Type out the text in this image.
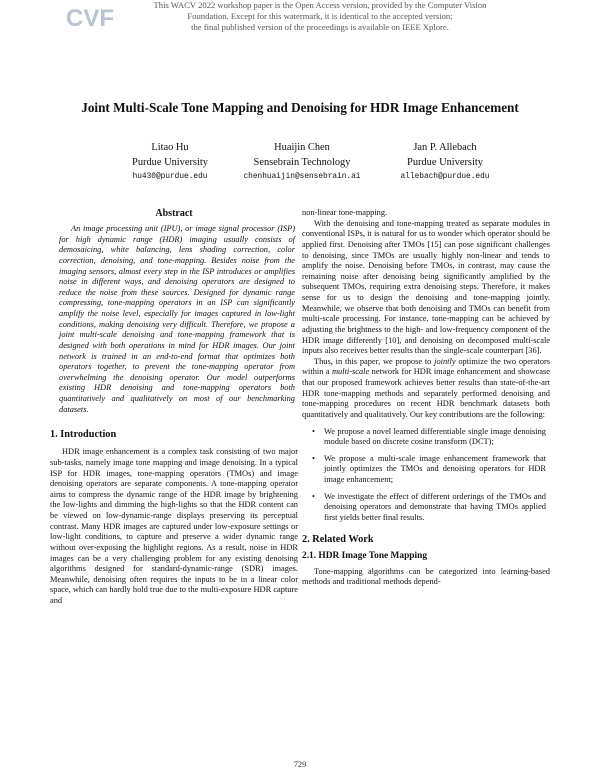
CVF	This WACV 2022 workshop paper is the Open Access version, provided by the Computer Vision
Foundation. Except for this watermark, it is identical to the accepted version;
the final published version of the proceedings is available on IEEE Xplore.
Joint Multi-Scale Tone Mapping and Denoising for HDR Image Enhancement
Litao Hu
Purdue University
hu430@purdue.edu
Huaijin Chen
Sensebrain Technology
chenhuaijin@sensebrain.ai
Jan P. Allebach
Purdue University
allebach@purdue.edu

Abstract

An image processing unit (IPU), or image signal processor (ISP) for high dynamic range (HDR) imaging usually consists of demosaicing, white balancing, lens shading correction, color correction, denoising, and tone-mapping. Besides noise from the imaging sensors, almost every step in the ISP introduces or amplifies noise in different ways, and denoising operators are designed to reduce the noise from these sources. Designed for dynamic range compressing, tone-mapping operators in an ISP can significantly amplify the noise level, especially for images captured in low-light conditions, making denoising very difficult. Therefore, we propose a joint multi-scale denoising and tone-mapping framework that is designed with both operations in mind for HDR images. Our joint network is trained in an end-to-end format that optimizes both operators together, to prevent the tone-mapping operator from overwhelming the denoising operator. Our model outperforms existing HDR denoising and tone-mapping operators both quantitatively and qualitatively on most of our benchmarking datasets.

1. Introduction

HDR image enhancement is a complex task consisting of two major sub-tasks, namely image tone mapping and image denoising. In a typical ISP for HDR images, tone-mapping operators (TMOs) and image denoising operators are separate components. A tone-mapping operator aims to compress the dynamic range of the HDR image by brightening the low-lights and dimming the high-lights so that the HDR content can be viewed on low-dynamic-range displays preserving its perceptual contrast. Many HDR images are captured under low-exposure settings or low-light conditions, to capture and preserve a wider dynamic range without over-exposing the highlight regions. As a result, noise in HDR images can be a very challenging problem for any existing denoising algorithms designed for standard-dynamic-range (SDR) images. Meanwhile, denoising often requires the inputs to be in a linear color space, which can hardly hold true due to the multi-exposure HDR capture and

non-linear tone-mapping.

With the denoising and tone-mapping treated as separate modules in conventional ISPs, it is natural for us to wonder which operator should be applied first. Denoising after TMOs [15] can pose significant challenges to denoising, since TMOs are usually highly non-linear and tends to amplify the noise. Denoising before TMOs, in contrast, may cause the remaining noise after denoising being significantly amplified by the subsequent TMOs, requiring extra denoising steps. Therefore, it makes sense for us to design the denoising and tone-mapping jointly. Meanwhile, we observe that both denoising and TMOs can benefit from multi-scale processing. For instance, tone-mapping can be achieved by adjusting the brightness to the high- and low-frequency component of the HDR image differently [10], and denoising on decomposed multi-scale inputs also receives better results than the single-scale counterpart [36].

Thus, in this paper, we propose to jointly optimize the two operators within a multi-scale network for HDR image enhancement and showcase that our proposed framework achieves better results than state-of-the-art HDR tone-mapping methods and separately performed denoising and tone-mapping procedures on recent HDR benchmark datasets both quantitatively and qualitatively. Our key contributions are the following:

• We propose a novel learned differentiable single image denoising module based on discrete cosine transform (DCT);
• We propose a multi-scale image enhancement framework that jointly optimizes the TMOs and denoising operators for HDR image enhancement;
• We investigate the effect of different orderings of the TMOs and denoising operators and demonstrate that having TMOs applied first yields better final results.

2. Related Work

2.1. HDR Image Tone Mapping

Tone-mapping algorithms can be categorized into learning-based methods and traditional methods depend-

729
